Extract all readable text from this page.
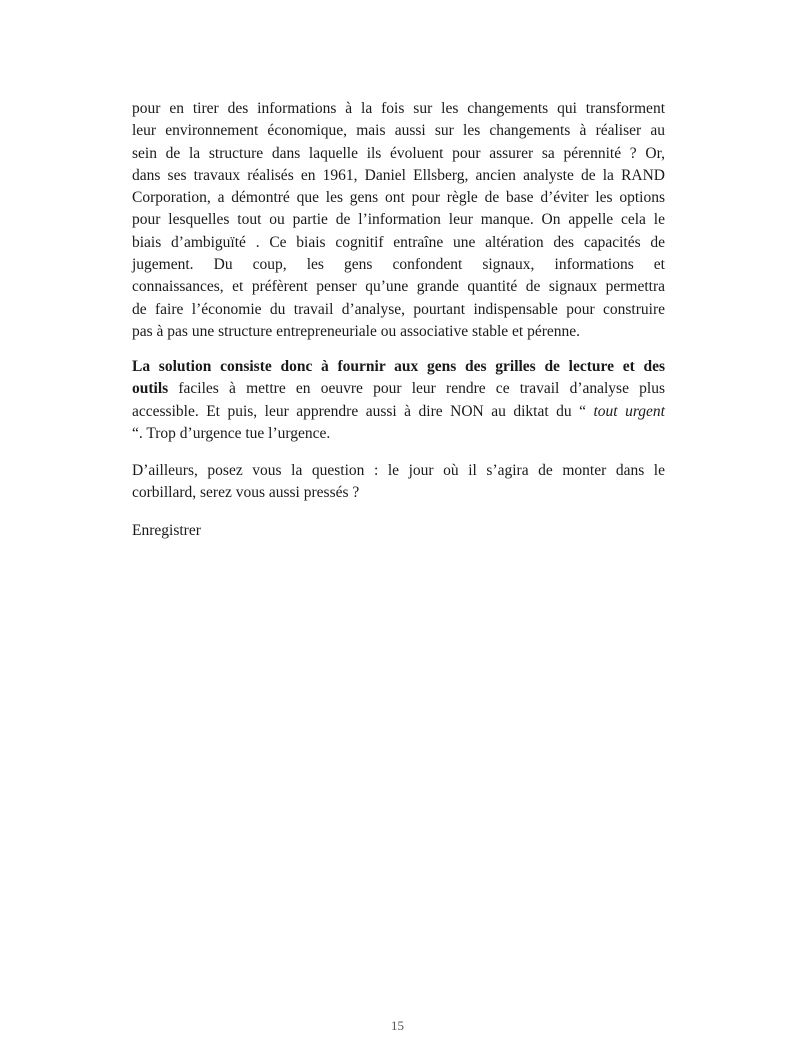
pour en tirer des informations à la fois sur les changements qui transforment
leur environnement économique, mais aussi sur les changements à réaliser au
sein de la structure dans laquelle ils évoluent pour assurer sa pérennité ? Or,
dans ses travaux réalisés en 1961, Daniel Ellsberg, ancien analyste de la RAND
Corporation, a démontré que les gens ont pour règle de base d’éviter les options
pour lesquelles tout ou partie de l’information leur manque. On appelle cela le
biais d’ambiguïté . Ce biais cognitif entraîne une altération des capacités de
jugement. Du coup, les gens confondent signaux, informations et
connaissances, et préfèrent penser qu’une grande quantité de signaux permettra
de faire l’économie du travail d’analyse, pourtant indispensable pour construire
pas à pas une structure entrepreneuriale ou associative stable et pérenne.
La solution consiste donc à fournir aux gens des grilles de lecture et des
outils faciles à mettre en oeuvre pour leur rendre ce travail d’analyse plus
accessible. Et puis, leur apprendre aussi à dire NON au diktat du “ tout urgent
“. Trop d’urgence tue l’urgence.
D’ailleurs, posez vous la question : le jour où il s’agira de monter dans le
corbillard, serez vous aussi pressés ?
Enregistrer
15
